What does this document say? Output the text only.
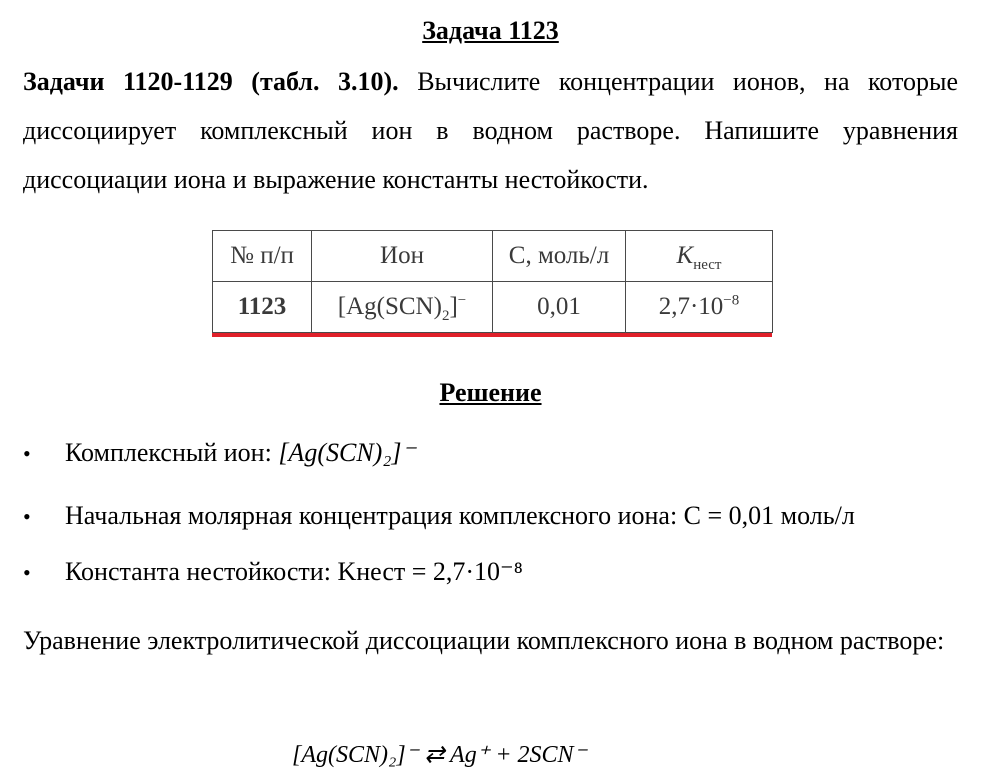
Задача 1123
Задачи 1120-1129 (табл. 3.10). Вычислите концентрации ионов, на которые диссоциирует комплексный ион в водном растворе. Напишите уравнения диссоциации иона и выражение константы нестойкости.
№ п/п	Ион	C, моль/л	$K_{нест}$
1123	$[Ag(SCN)_2]^-$	0,01	$2,7\cdot 10^{-8}$
Решение
• Комплексный ион: [Ag(SCN)₂]⁻
• Начальная молярная концентрация комплексного иона: C = 0,01 моль/л
• Константа нестойкости: Kнест = 2,7·10⁻⁸
Уравнение электролитической диссоциации комплексного иона в водном растворе:
[Ag(SCN)₂]⁻ ⇄ Ag⁺ + 2SCN⁻
